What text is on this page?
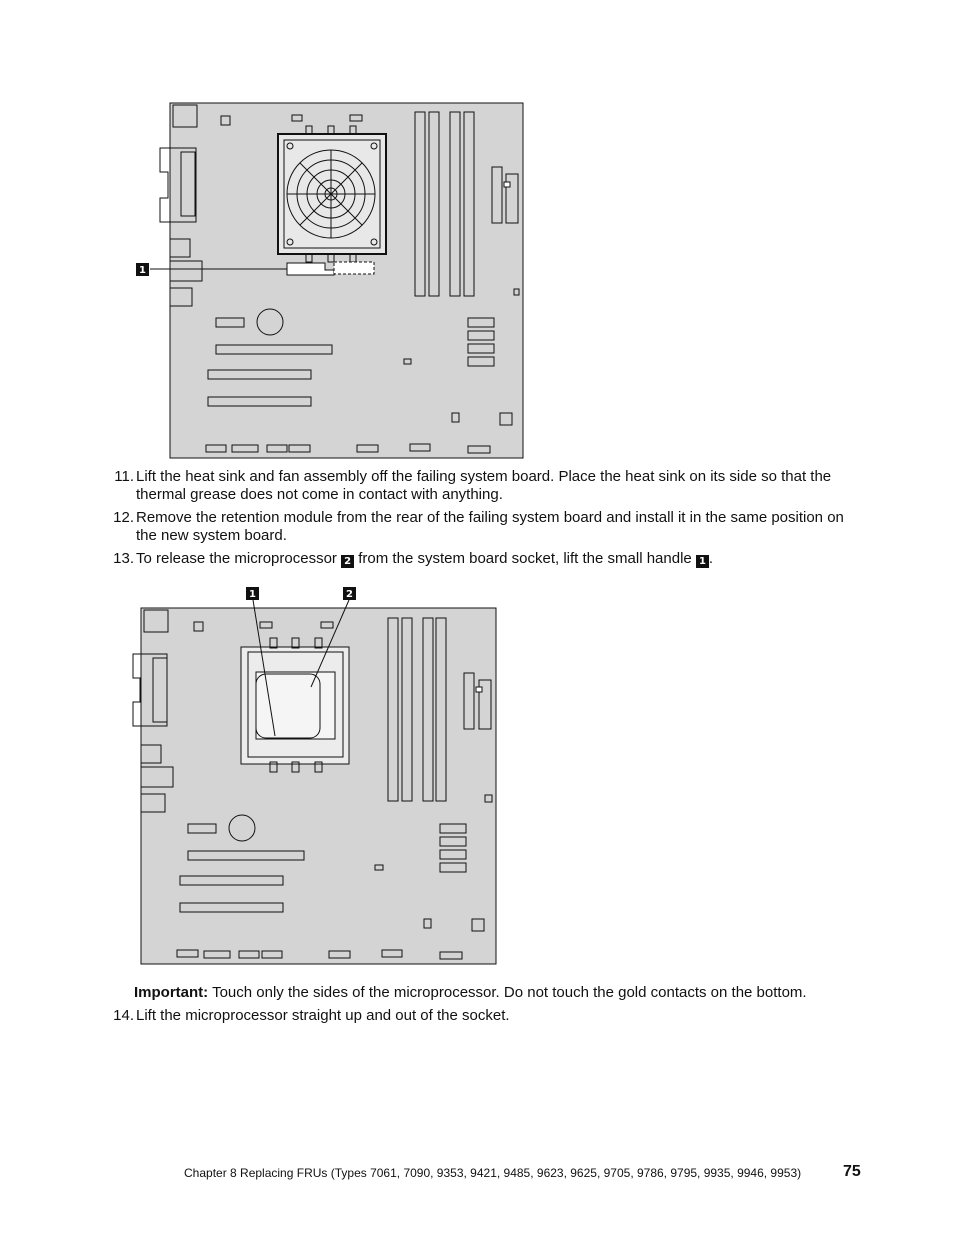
1
11. Lift the heat sink and fan assembly off the failing system board. Place the heat sink on its side so that the thermal grease does not come in contact with anything.
12. Remove the retention module from the rear of the failing system board and install it in the same position on the new system board.
13. To release the microprocessor 2 from the system board socket, lift the small handle 1 .
1	2
Important: Touch only the sides of the microprocessor. Do not touch the gold contacts on the bottom.
14. Lift the microprocessor straight up and out of the socket.
Chapter 8 Replacing FRUs (Types 7061, 7090, 9353, 9421, 9485, 9623, 9625, 9705, 9786, 9795, 9935, 9946, 9953)	75
